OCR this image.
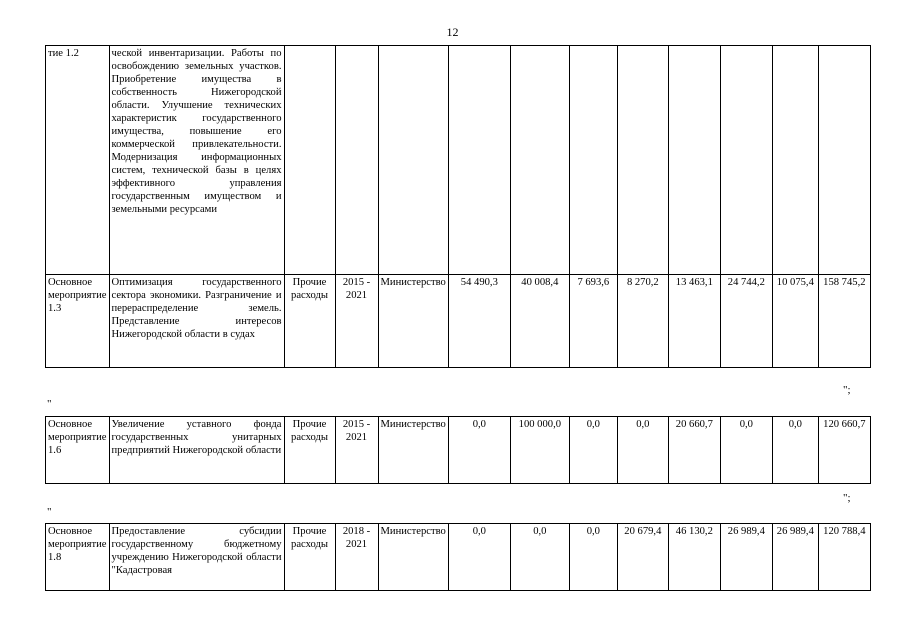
12
тие 1.2	ческой инвентаризации. Работы по освобождению земельных участков. Приобретение имущества в собственность Нижегородской области. Улучшение технических характеристик государственного имущества, повышение его коммерческой привлекательности. Модернизация информационных систем, технической базы в целях эффективного управления государственным имуществом и земельными ресурсами											
Основное мероприятие 1.3	Оптимизация государственного сектора экономики. Разграничение и перераспределение земель. Представление интересов Нижегородской области в судах	Прочие расходы	2015 - 2021	Министерство	54 490,3	40 008,4	7 693,6	8 270,2	13 463,1	24 744,2	10 075,4	158 745,2
";
"
Основное мероприятие 1.6	Увеличение уставного фонда государственных унитарных предприятий Нижегородской области	Прочие расходы	2015 - 2021	Министерство	0,0	100 000,0	0,0	0,0	20 660,7	0,0	0,0	120 660,7
";
"
Основное мероприятие 1.8	Предоставление субсидии государственному бюджетному учреждению Нижегородской области "Кадастровая	Прочие расходы	2018 - 2021	Министерство	0,0	0,0	0,0	20 679,4	46 130,2	26 989,4	26 989,4	120 788,4
